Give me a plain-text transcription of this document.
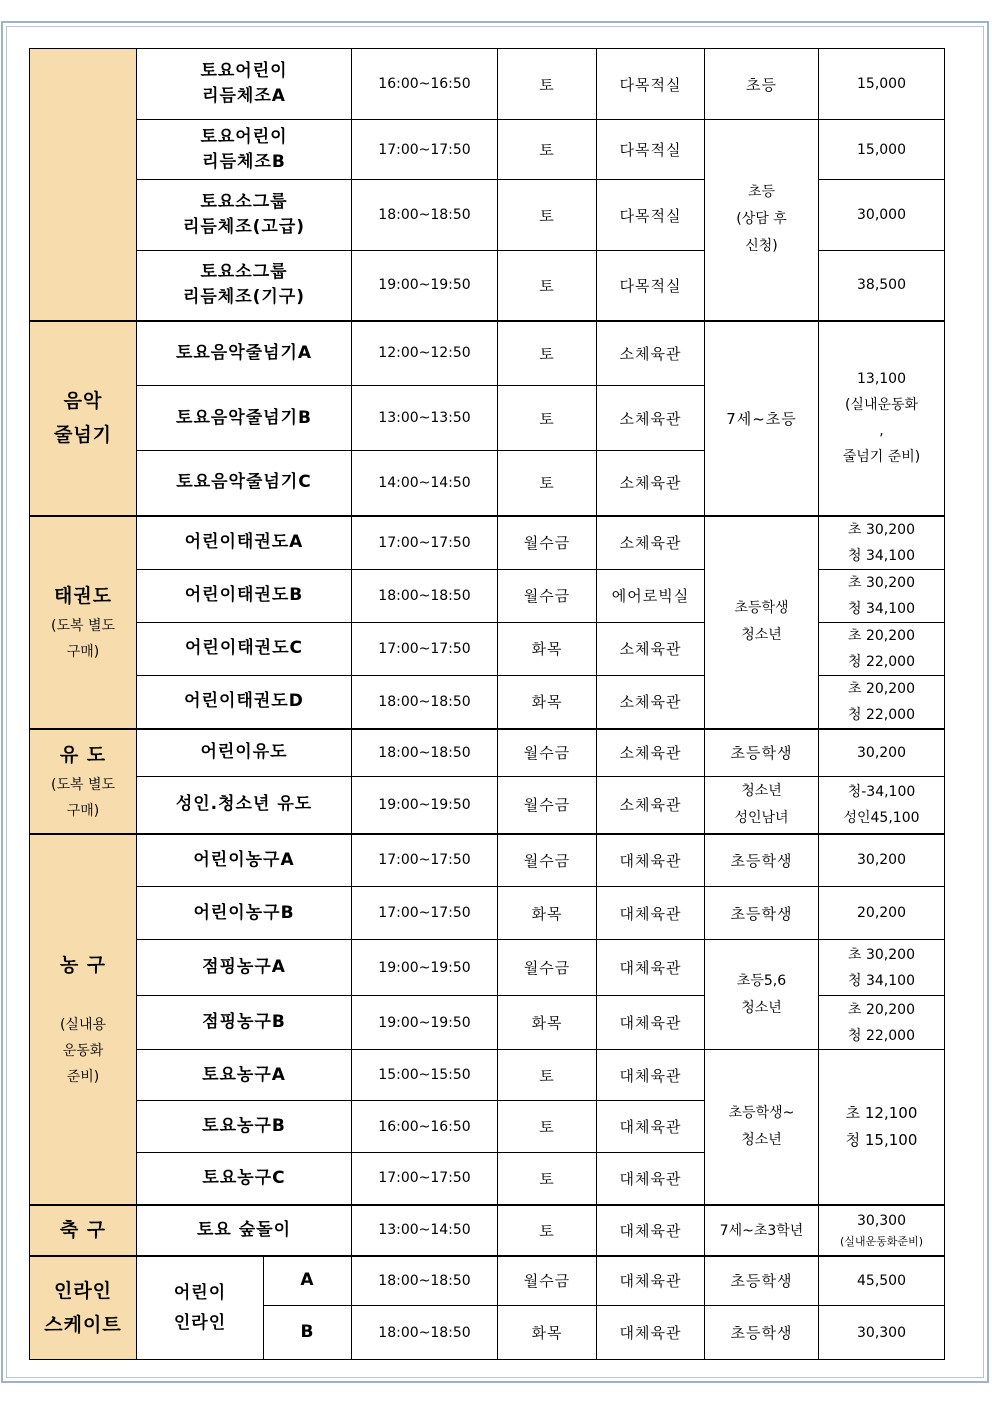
	토요어린이
리듬체조A		16:00~16:50	토	다목적실	초등	15,000

	토요어린이
리듬체조B		17:00~17:50	토	다목적실	초등
(상담 후
신청)	15,000

	토요소그룹
리듬체조(고급)		18:00~18:50	토	다목적실		30,000

	토요소그룹
리듬체조(기구)		19:00~19:50	토	다목적실		38,500

음악
줄넘기	토요음악줄넘기A		12:00~12:50	토	소체육관	7세~초등	13,100
(실내운동화
,
줄넘기 준비)

	토요음악줄넘기B		13:00~13:50	토	소체육관		
	토요음악줄넘기C		14:00~14:50	토	소체육관		

태권도
(도복 별도
구매)	어린이태권도A		17:00~17:50	월수금	소체육관	초등학생
청소년	초 30,200
청 34,100

	어린이태권도B		18:00~18:50	월수금	에어로빅실		초 30,200
청 34,100

	어린이태권도C		17:00~17:50	화목	소체육관		초 20,200
청 22,000

	어린이태권도D		18:00~18:50	화목	소체육관		초 20,200
청 22,000

유 도
(도복 별도
구매)	어린이유도		18:00~18:50	월수금	소체육관	초등학생	30,200
	성인.청소년 유도		19:00~19:50	월수금	소체육관	청소년
성인남녀	청-34,100
성인45,100

농 구
(실내용
운동화
준비)	어린이농구A		17:00~17:50	월수금	대체육관	초등학생	30,200
	어린이농구B		17:00~17:50	화목	대체육관	초등학생	20,200
	점핑농구A		19:00~19:50	월수금	대체육관	초등5,6
청소년	초 30,200
청 34,100

	점핑농구B		19:00~19:50	화목	대체육관		초 20,200
청 22,000

	토요농구A		15:00~15:50	토	대체육관	초등학생~
청소년	초 12,100
청 15,100

	토요농구B		16:00~16:50	토	대체육관		
	토요농구C		17:00~17:50	토	대체육관		

축 구	토요 숲돌이		13:00~14:50	토	대체육관	7세~초3학년	30,300
(실내운동화준비)

인라인
스케이트	어린이
인라인	A	18:00~18:50	월수금	대체육관	초등학생	45,500
		B	18:00~18:50	화목	대체육관	초등학생	30,300
